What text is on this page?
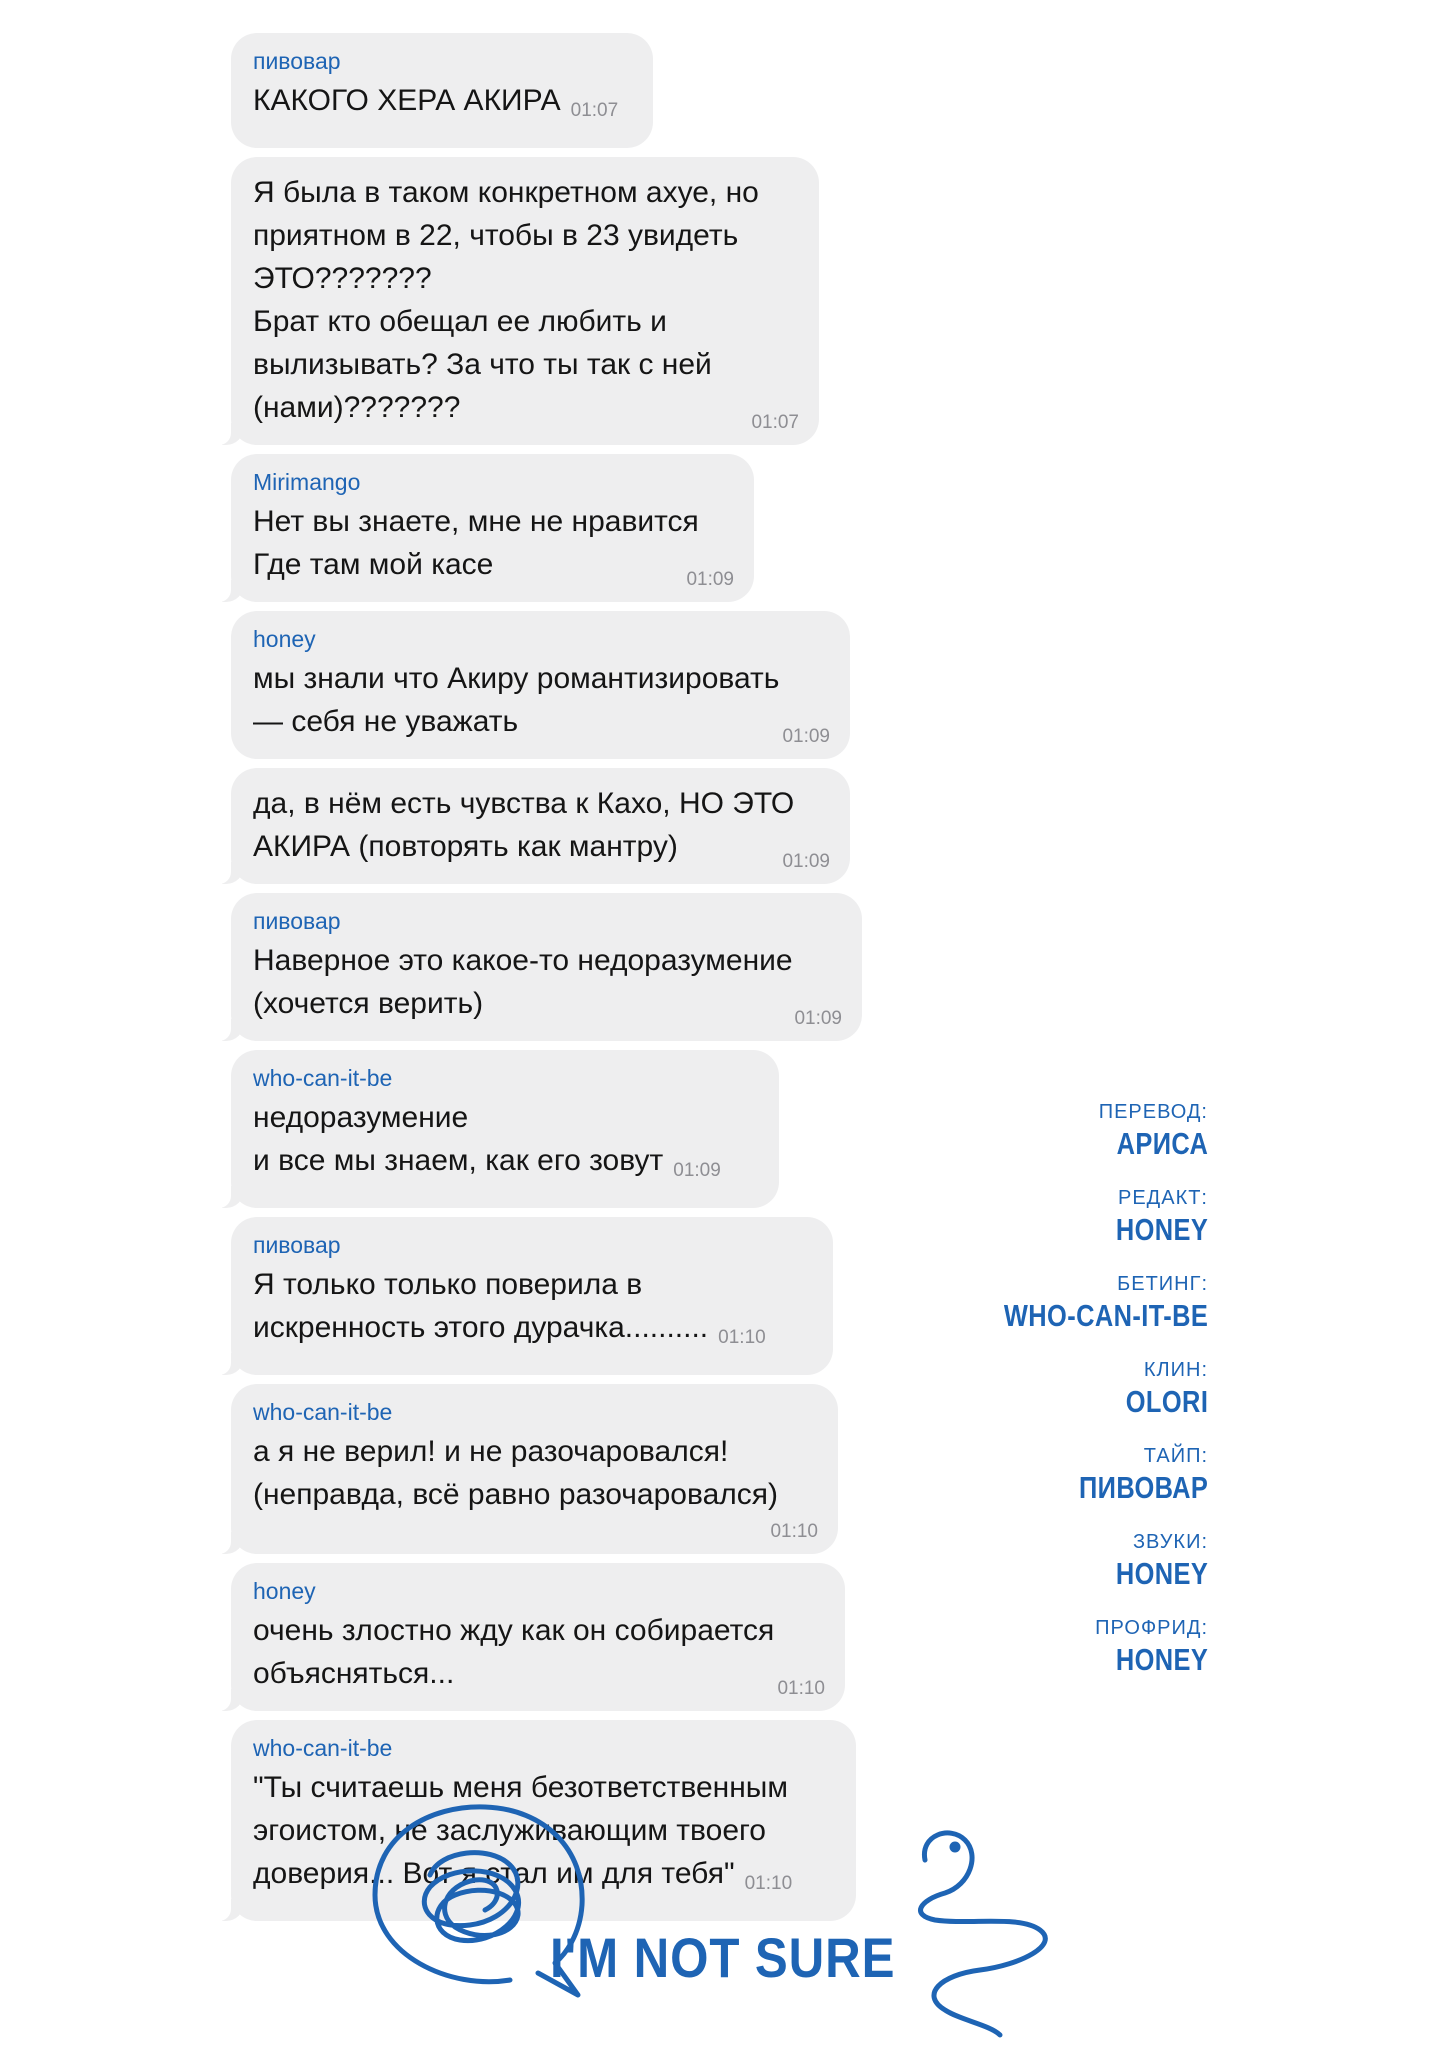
пивовар
КАКОГО ХЕРА АКИРА 01:07

Я была в таком конкретном ахуе, но
приятном в 22, чтобы в 23 увидеть
ЭТО???????
Брат кто обещал ее любить и
вылизывать? За что ты так с ней
(нами)???????	01:07

Mirimango
Нет вы знаете, мне не нравится
Где там мой касе	01:09

honey
мы знали что Акиру романтизировать
— себя не уважать	01:09

да, в нём есть чувства к Кахо, НО ЭТО
АКИРА (повторять как мантру)	01:09

пивовар
Наверное это какое-то недоразумение
(хочется верить)	01:09

who-can-it-be
недоразумение
и все мы знаем, как его зовут 01:09

пивовар
Я только только поверила в
искренность этого дурачка.......... 01:10

who-can-it-be
а я не верил! и не разочаровался!
(неправда, всё равно разочаровался)
01:10

honey
очень злостно жду как он собирается
объясняться...	01:10

who-can-it-be
"Ты считаешь меня безответственным
эгоистом, не заслуживающим твоего
доверия... Вот я стал им для тебя" 01:10

ПЕРЕВОД:
АРИСА
РЕДАКТ:
HONEY
БЕТИНГ:
WHO-CAN-IT-BE
КЛИН:
OLORI
ТАЙП:
ПИВОВАР
ЗВУКИ:
HONEY
ПРОФРИД:
HONEY
I'M NOT SURE
